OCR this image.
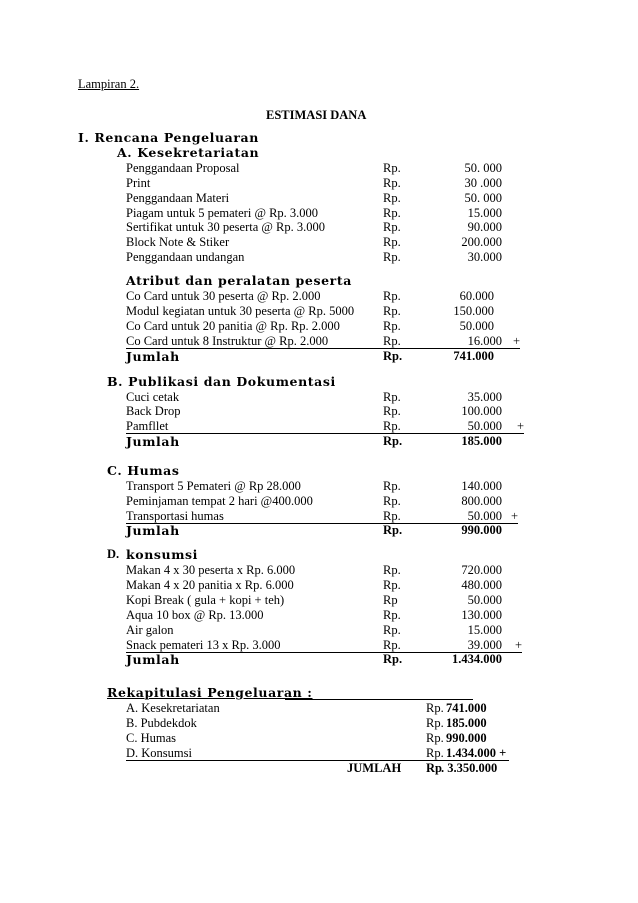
Lampiran 2.
ESTIMASI DANA
I. Rencana Pengeluaran
A. Kesekretariatan
Penggandaan Proposal	Rp.	50. 000
Print	Rp.	30 .000
Penggandaan Materi	Rp.	50. 000
Piagam untuk 5 pemateri @ Rp. 3.000	Rp.	15.000
Sertifikat untuk 30 peserta @ Rp. 3.000	Rp.	90.000
Block Note & Stiker	Rp.	200.000
Penggandaan undangan	Rp.	30.000
Atribut dan peralatan peserta
Co Card untuk 30 peserta @ Rp. 2.000	Rp.	60.000
Modul kegiatan untuk 30 peserta @ Rp. 5000 Rp.	150.000
Co Card untuk 20 panitia @ Rp. Rp. 2.000	Rp.	50.000
Co Card untuk 8 Instruktur @ Rp. 2.000	Rp.	16.000 +
Jumlah	Rp.	741.000
B. Publikasi dan Dokumentasi
Cuci cetak	Rp.	35.000
Back Drop	Rp.	100.000
Pamfllet	Rp.	50.000 +
Jumlah	Rp.	185.000
C. Humas
Transport 5 Pemateri @ Rp 28.000	Rp.	140.000
Peminjaman tempat 2 hari @400.000	Rp.	800.000
Transportasi humas	Rp.	50.000 +
Jumlah	Rp.	990.000
D. konsumsi
Makan 4 x 30 peserta x Rp. 6.000	Rp.	720.000
Makan 4 x 20 panitia x Rp. 6.000	Rp.	480.000
Kopi Break ( gula + kopi + teh)	Rp	50.000
Aqua 10 box @ Rp. 13.000	Rp.	130.000
Air galon	Rp.	15.000
Snack pemateri 13 x Rp. 3.000	Rp.	39.000 +
Jumlah	Rp.	1.434.000
Rekapitulasi Pengeluaran :
A. Kesekretariatan	Rp. 741.000
B. Pubdekdok	Rp. 185.000
C. Humas	Rp. 990.000
D. Konsumsi	Rp. 1.434.000 +
JUMLAH Rp . 3.350.000
